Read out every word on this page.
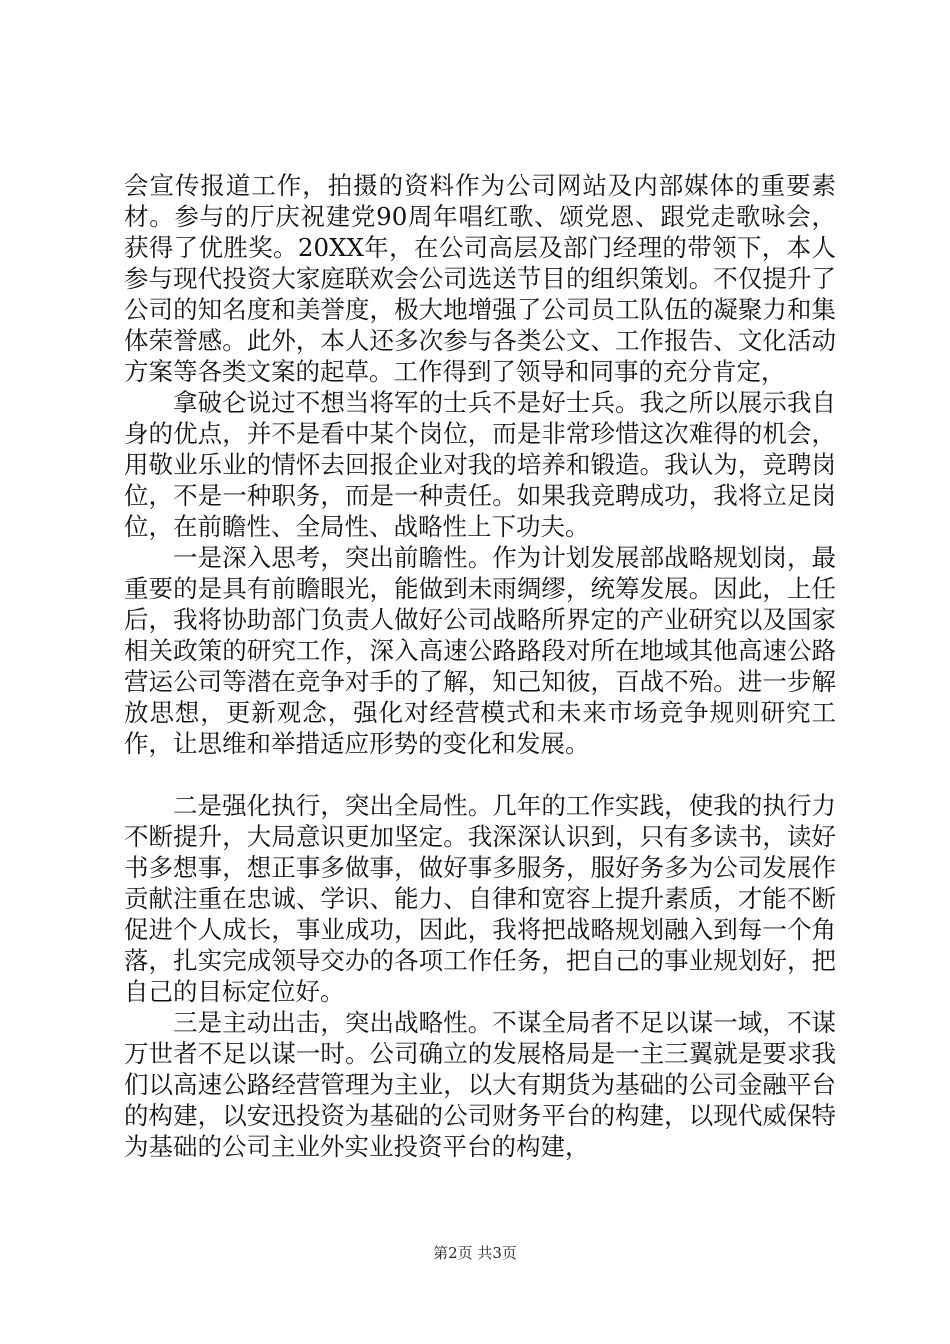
会宣传报道工作，拍摄的资料作为公司网站及内部媒体的重要素材。参与的厅庆祝建党90周年唱红歌、颂党恩、跟党走歌咏会，获得了优胜奖。20XX年，在公司高层及部门经理的带领下，本人参与现代投资大家庭联欢会公司选送节目的组织策划。不仅提升了公司的知名度和美誉度，极大地增强了公司员工队伍的凝聚力和集体荣誉感。此外，本人还多次参与各类公文、工作报告、文化活动方案等各类文案的起草。工作得到了领导和同事的充分肯定，

拿破仑说过不想当将军的士兵不是好士兵。我之所以展示我自身的优点，并不是看中某个岗位，而是非常珍惜这次难得的机会，用敬业乐业的情怀去回报企业对我的培养和锻造。我认为，竞聘岗位，不是一种职务，而是一种责任。如果我竞聘成功，我将立足岗位，在前瞻性、全局性、战略性上下功夫。

一是深入思考，突出前瞻性。作为计划发展部战略规划岗，最重要的是具有前瞻眼光，能做到未雨绸缪，统筹发展。因此，上任后，我将协助部门负责人做好公司战略所界定的产业研究以及国家相关政策的研究工作，深入高速公路路段对所在地域其他高速公路营运公司等潜在竞争对手的了解，知己知彼，百战不殆。进一步解放思想，更新观念，强化对经营模式和未来市场竞争规则研究工作，让思维和举措适应形势的变化和发展。

二是强化执行，突出全局性。几年的工作实践，使我的执行力不断提升，大局意识更加坚定。我深深认识到，只有多读书，读好书多想事，想正事多做事，做好事多服务，服好务多为公司发展作贡献注重在忠诚、学识、能力、自律和宽容上提升素质，才能不断促进个人成长，事业成功，因此，我将把战略规划融入到每一个角落，扎实完成领导交办的各项工作任务，把自己的事业规划好，把自己的目标定位好。

三是主动出击，突出战略性。不谋全局者不足以谋一域，不谋万世者不足以谋一时。公司确立的发展格局是一主三翼就是要求我们以高速公路经营管理为主业，以大有期货为基础的公司金融平台的构建，以安迅投资为基础的公司财务平台的构建，以现代威保特为基础的公司主业外实业投资平台的构建，

第2页 共3页
